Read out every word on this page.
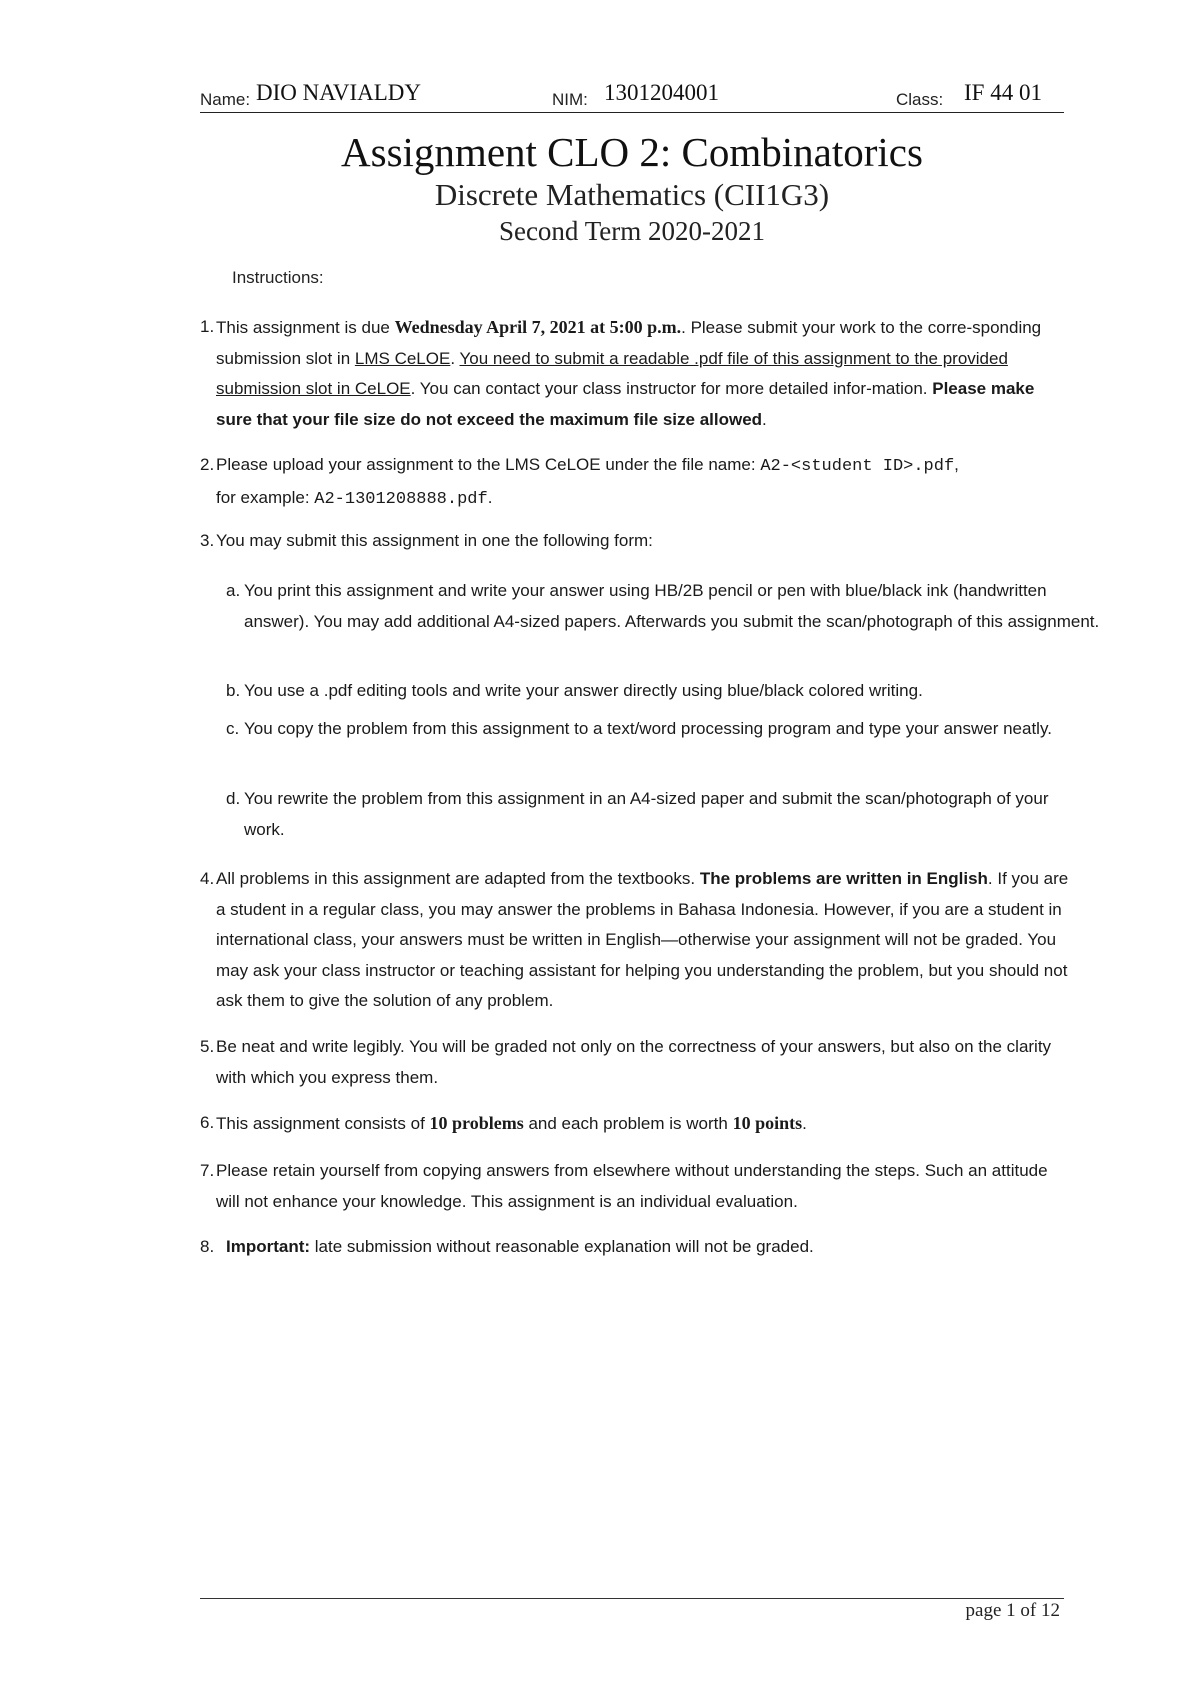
Name: DIO NAVIALDY	NIM: 1301204001	Class: IF 44 01
Assignment CLO 2: Combinatorics
Discrete Mathematics (CII1G3)
Second Term 2020-2021
Instructions:
1. This assignment is due Wednesday April 7, 2021 at 5:00 p.m.. Please submit your work to the corre-sponding submission slot in LMS CeLOE. You need to submit a readable .pdf file of this assignment to the provided submission slot in CeLOE. You can contact your class instructor for more detailed infor-mation. Please make sure that your file size do not exceed the maximum file size allowed.
2. Please upload your assignment to the LMS CeLOE under the file name: A2-<student ID>.pdf,
for example: A2-1301208888.pdf.
3. You may submit this assignment in one the following form:
a. You print this assignment and write your answer using HB/2B pencil or pen with blue/black ink (handwritten answer). You may add additional A4-sized papers. Afterwards you submit the scan/photograph of this assignment.
b. You use a .pdf editing tools and write your answer directly using blue/black colored writing.
c. You copy the problem from this assignment to a text/word processing program and type your answer neatly.
d. You rewrite the problem from this assignment in an A4-sized paper and submit the scan/photograph of your work.
4. All problems in this assignment are adapted from the textbooks. The problems are written in English. If you are a student in a regular class, you may answer the problems in Bahasa Indonesia. However, if you are a student in international class, your answers must be written in English—otherwise your assignment will not be graded. You may ask your class instructor or teaching assistant for helping you understanding the problem, but you should not ask them to give the solution of any problem.
5. Be neat and write legibly. You will be graded not only on the correctness of your answers, but also on the clarity with which you express them.
6. This assignment consists of 10 problems and each problem is worth 10 points.
7. Please retain yourself from copying answers from elsewhere without understanding the steps. Such an attitude will not enhance your knowledge. This assignment is an individual evaluation.
8. Important: late submission without reasonable explanation will not be graded.
page 1 of 12
